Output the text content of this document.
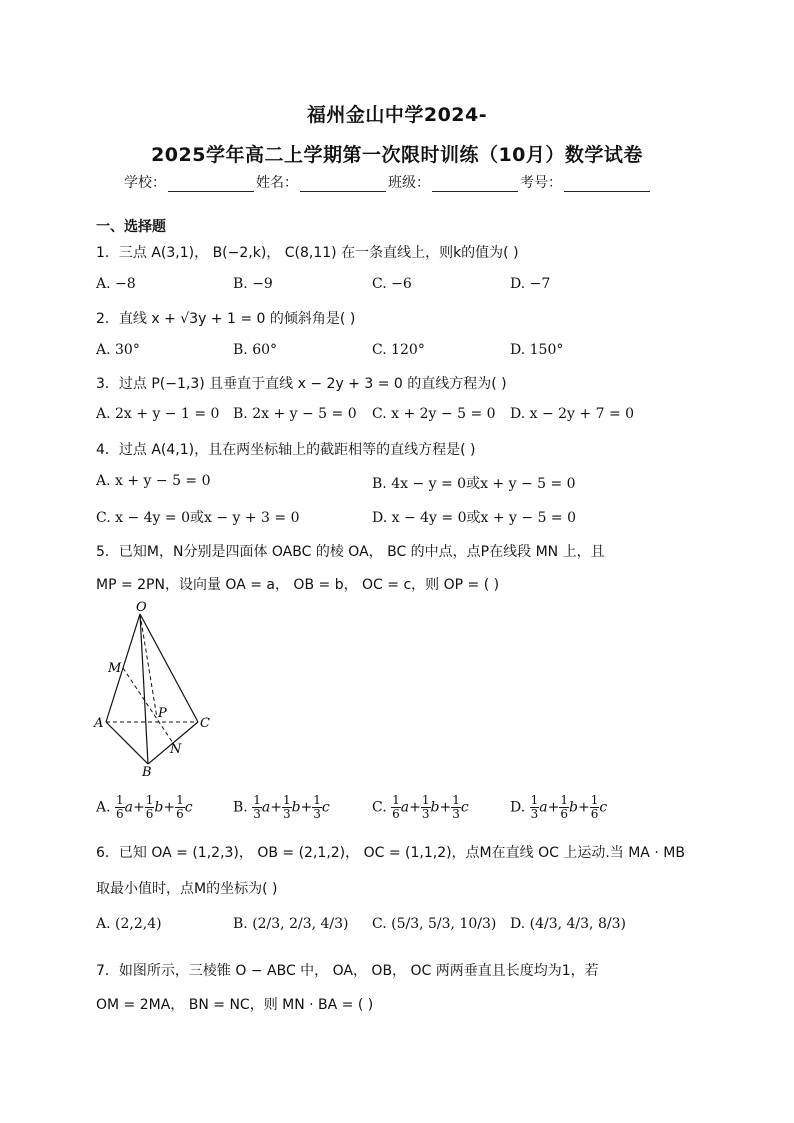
福州金山中学2024-
2025学年高二上学期第一次限时训练（10月）数学试卷
学校：	姓名：	班级：	考号：
一、选择题
1．三点 A(3,1)， B(−2,k)， C(8,11) 在一条直线上，则k的值为( )
A. −8	B. −9	C. −6	D. −7
2．直线 x + √3y + 1 = 0 的倾斜角是( )
A. 30°	B. 60°	C. 120°	D. 150°
3．过点 P(−1,3) 且垂直于直线 x − 2y + 3 = 0 的直线方程为( )
A. 2x + y − 1 = 0 B. 2x + y − 5 = 0 C. x + 2y − 5 = 0 D. x − 2y + 7 = 0
4．过点 A(4,1)，且在两坐标轴上的截距相等的直线方程是( )
A. x + y − 5 = 0	B. 4x − y = 0或x + y − 5 = 0
C. x − 4y = 0或x − y + 3 = 0	D. x − 4y = 0或x + y − 5 = 0
5．已知M，N分别是四面体 OABC 的棱 OA， BC 的中点，点P在线段 MN 上，且
MP = 2PN，设向量 OA = a， OB = b， OC = c，则 OP = ( )
O
M
A
P
C
N
B
A. $\frac{1}{6} a+ \frac{1}{6} b+ \frac{1}{6}$ c	B. $\frac{1}{3} a+ \frac{1}{3} b+ \frac{1}{3}$ c	C. $\frac{1}{6} a+ \frac{1}{3} b+ \frac{1}{3}$ c	D. $\frac{1}{3} a+ \frac{1}{6} b+ \frac{1}{6}$ c
6．已知 OA = (1,2,3)， OB = (2,1,2)， OC = (1,1,2)，点M在直线 OC 上运动.当 MA · MB
取最小值时，点M的坐标为( )
A. (2,2,4)	B. (2/3, 2/3, 4/3) C. (5/3, 5/3, 10/3) D. (4/3, 4/3, 8/3)
7．如图所示，三棱锥 O − ABC 中， OA， OB， OC 两两垂直且长度均为1，若
OM = 2MA， BN = NC，则 MN · BA = ( )
